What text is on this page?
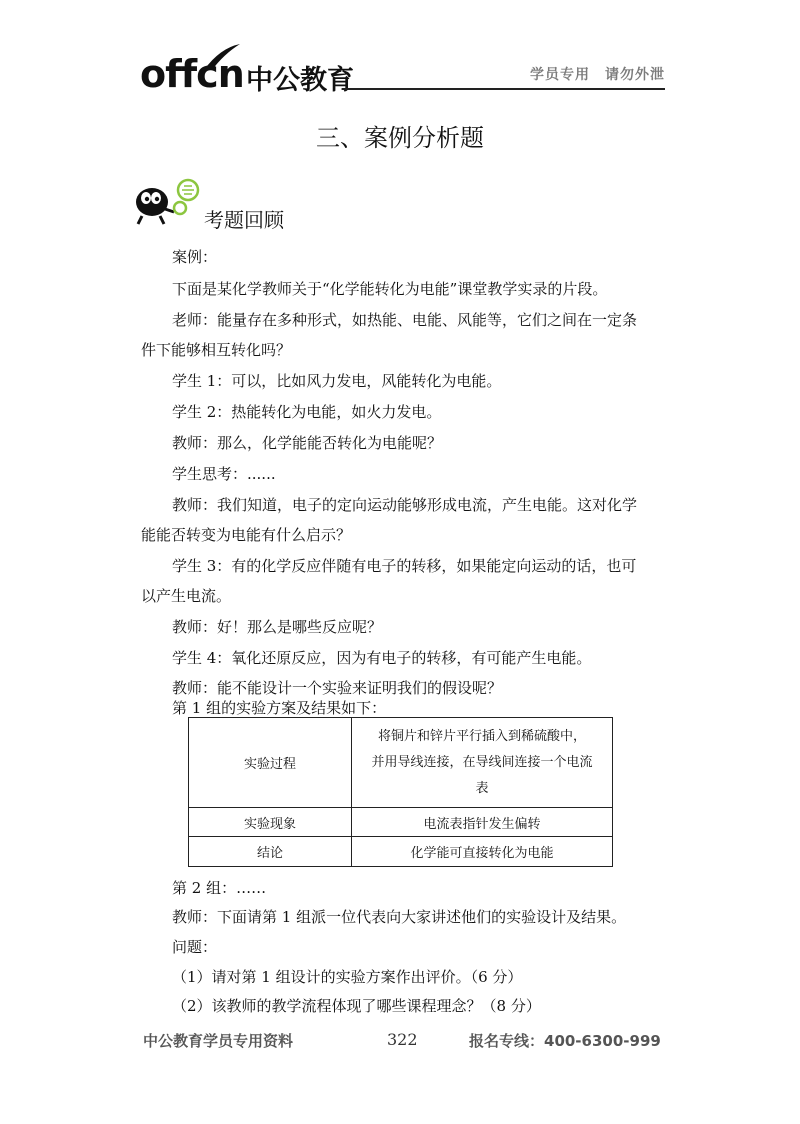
offcn 中公教育	学员专用　请勿外泄
三、案例分析题
考题回顾
案例：
下面是某化学教师关于“化学能转化为电能”课堂教学实录的片段。
老师：能量存在多种形式，如热能、电能、风能等，它们之间在一定条
件下能够相互转化吗？
学生 1：可以，比如风力发电，风能转化为电能。
学生 2：热能转化为电能，如火力发电。
教师：那么，化学能能否转化为电能呢？
学生思考：......
教师：我们知道，电子的定向运动能够形成电流，产生电能。这对化学
能能否转变为电能有什么启示？
学生 3：有的化学反应伴随有电子的转移，如果能定向运动的话，也可
以产生电流。
教师：好！那么是哪些反应呢？
学生 4：氧化还原反应，因为有电子的转移，有可能产生电能。
教师：能不能设计一个实验来证明我们的假设呢？
第 1 组的实验方案及结果如下：
实验过程	将铜片和锌片平行插入到稀硫酸中，
并用导线连接，在导线间连接一个电流
表

实验现象	电流表指针发生偏转

结论	化学能可直接转化为电能
第 2 组：……
教师：下面请第 1 组派一位代表向大家讲述他们的实验设计及结果。
问题：
（1）请对第 1 组设计的实验方案作出评价。（6 分）
（2）该教师的教学流程体现了哪些课程理念？（8 分）
中公教育学员专用资料	322	报名专线：400-6300-999
